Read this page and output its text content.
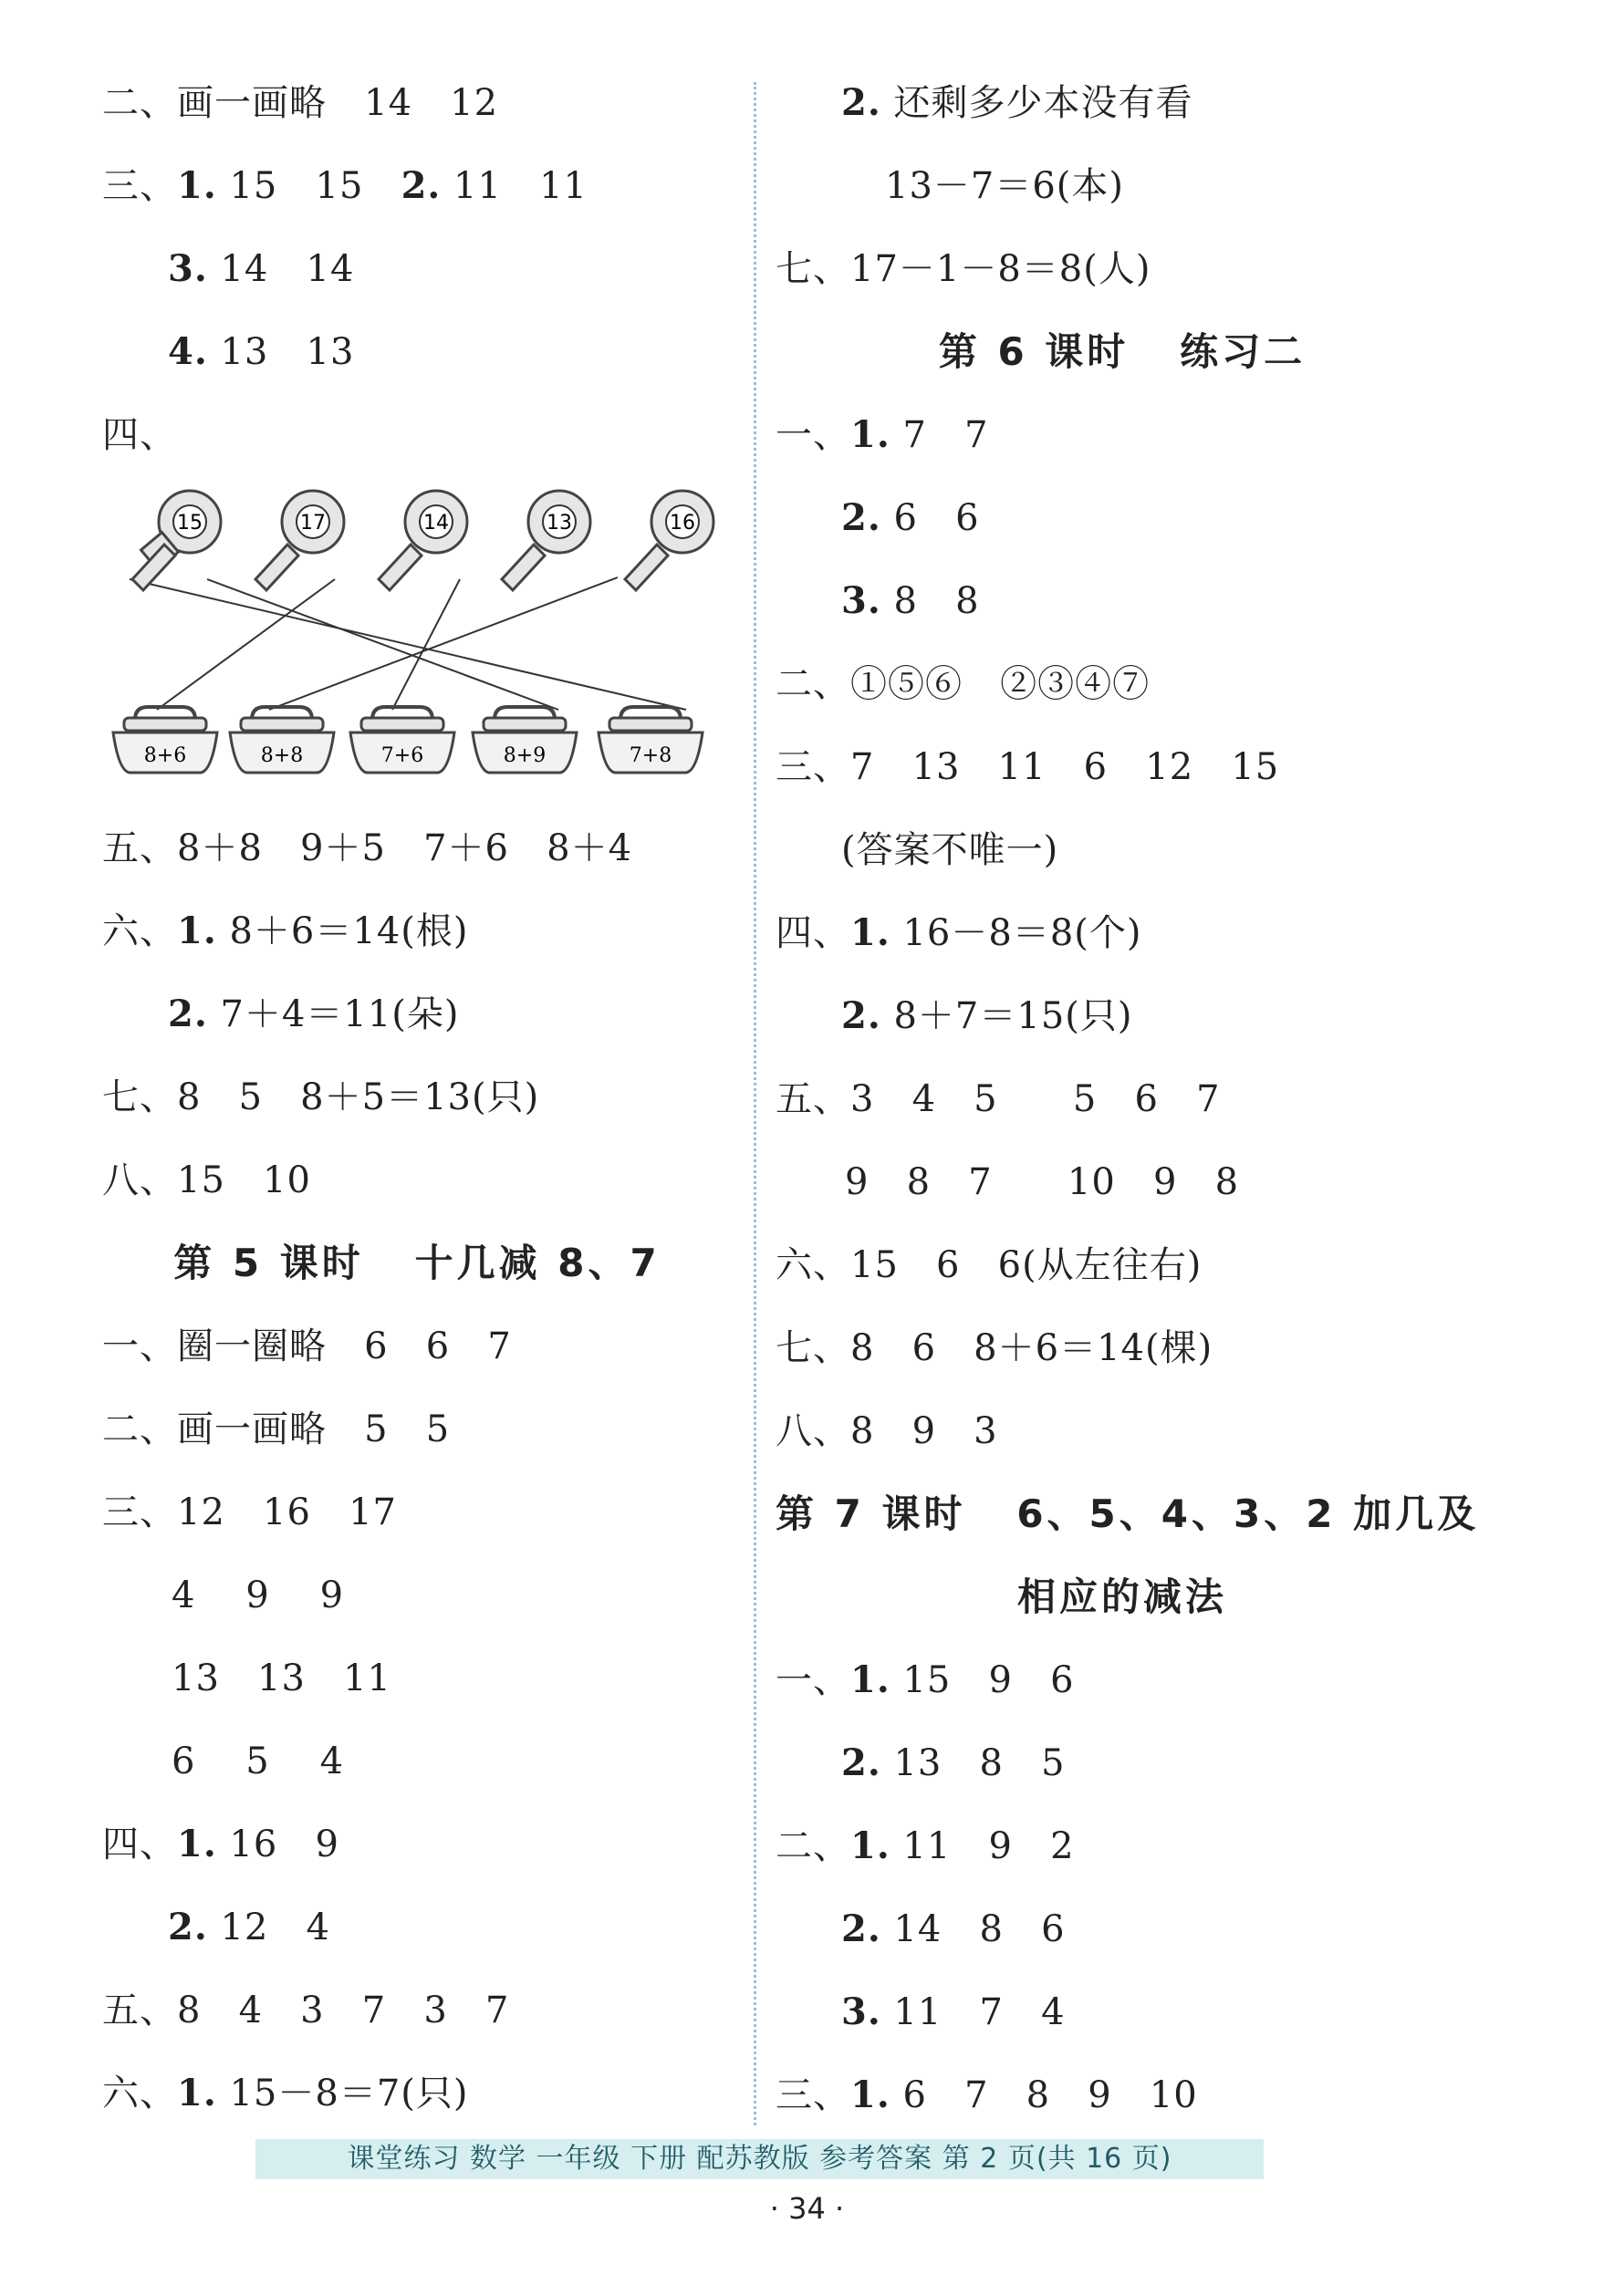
二、画一画略   14   12
三、1. 15   15   2. 11   11
3. 14   14
4. 13   13
四、
五、8＋8   9＋5   7＋6   8＋4
六、1. 8＋6＝14(根)
2. 7＋4＝11(朵)
七、8   5   8＋5＝13(只)
八、15   10
第 5 课时   十几减 8、7
一、圈一圈略   6   6   7
二、画一画略   5   5
三、12   16   17
4    9    9
13   13   11
6    5    4
四、1. 16   9
2. 12   4
五、8   4   3   7   3   7
六、1. 15－8＝7(只)
15	17	14	13	16
8+6	8+8	7+6	8+9	7+8
2. 还剩多少本没有看
13－7＝6(本)
七、17－1－8＝8(人)
第 6 课时   练习二
一、1. 7   7
2. 6   6
3. 8   8
二、①⑤⑥   ②③④⑦
三、7   13   11   6   12   15
(答案不唯一)
四、1. 16－8＝8(个)
2. 8＋7＝15(只)
五、3   4   5      5   6   7
9   8   7      10   9   8
六、15   6   6(从左往右)
七、8   6   8＋6＝14(棵)
八、8   9   3
第 7 课时   6、5、4、3、2 加几及
相应的减法
一、1. 15   9   6
2. 13   8   5
二、1. 11   9   2
2. 14   8   6
3. 11   7   4
三、1. 6   7   8   9   10
课堂练习 数学 一年级 下册 配苏教版 参考答案 第 2 页(共 16 页)
· 34 ·
